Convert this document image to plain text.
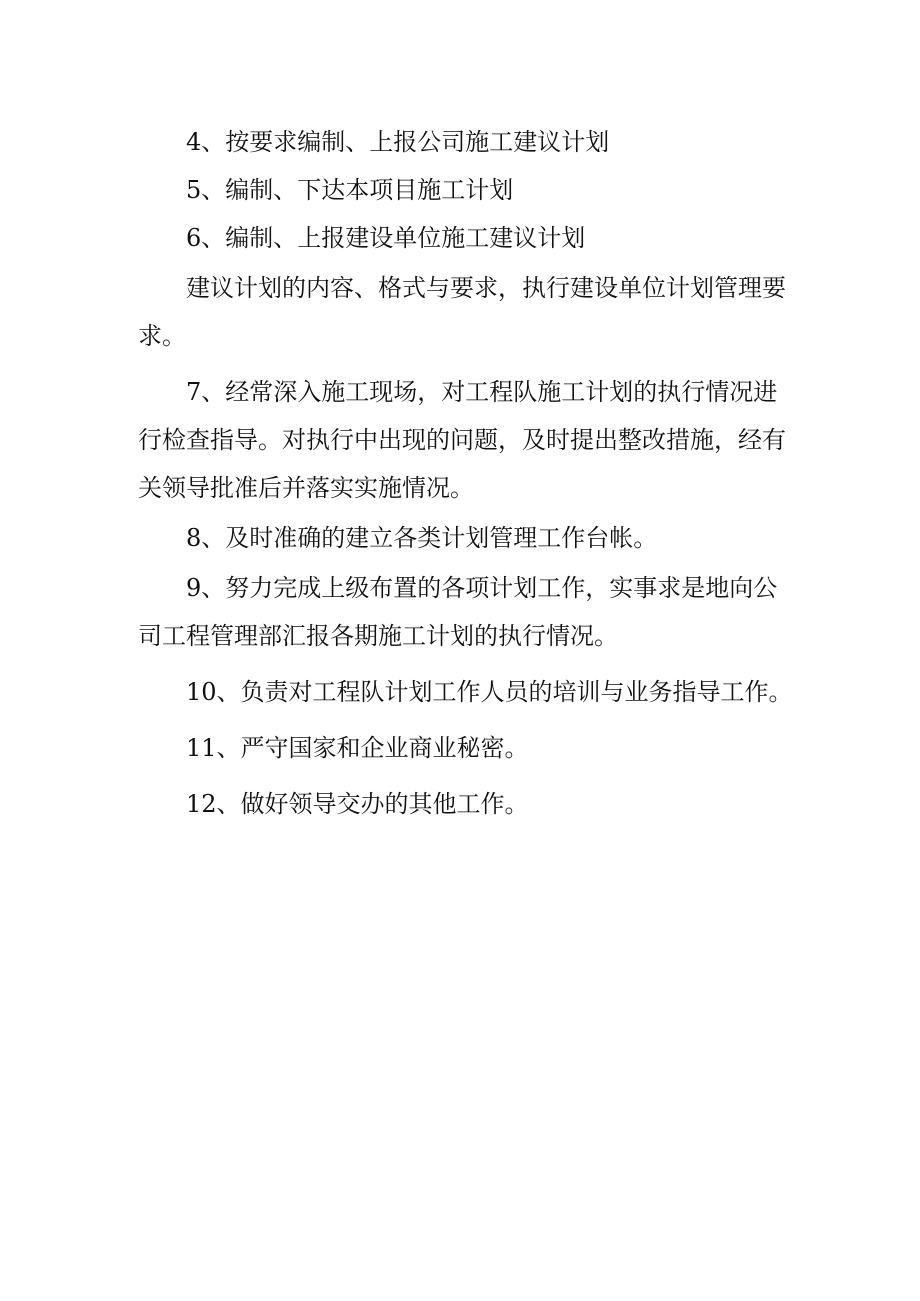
4、按要求编制、上报公司施工建议计划

5、编制、下达本项目施工计划

6、编制、上报建设单位施工建议计划

建议计划的内容、格式与要求，执行建设单位计划管理要求。

7、经常深入施工现场，对工程队施工计划的执行情况进行检查指导。对执行中出现的问题，及时提出整改措施，经有关领导批准后并落实实施情况。

8、及时准确的建立各类计划管理工作台帐。

9、努力完成上级布置的各项计划工作，实事求是地向公司工程管理部汇报各期施工计划的执行情况。

10、负责对工程队计划工作人员的培训与业务指导工作。

11、严守国家和企业商业秘密。

12、做好领导交办的其他工作。
